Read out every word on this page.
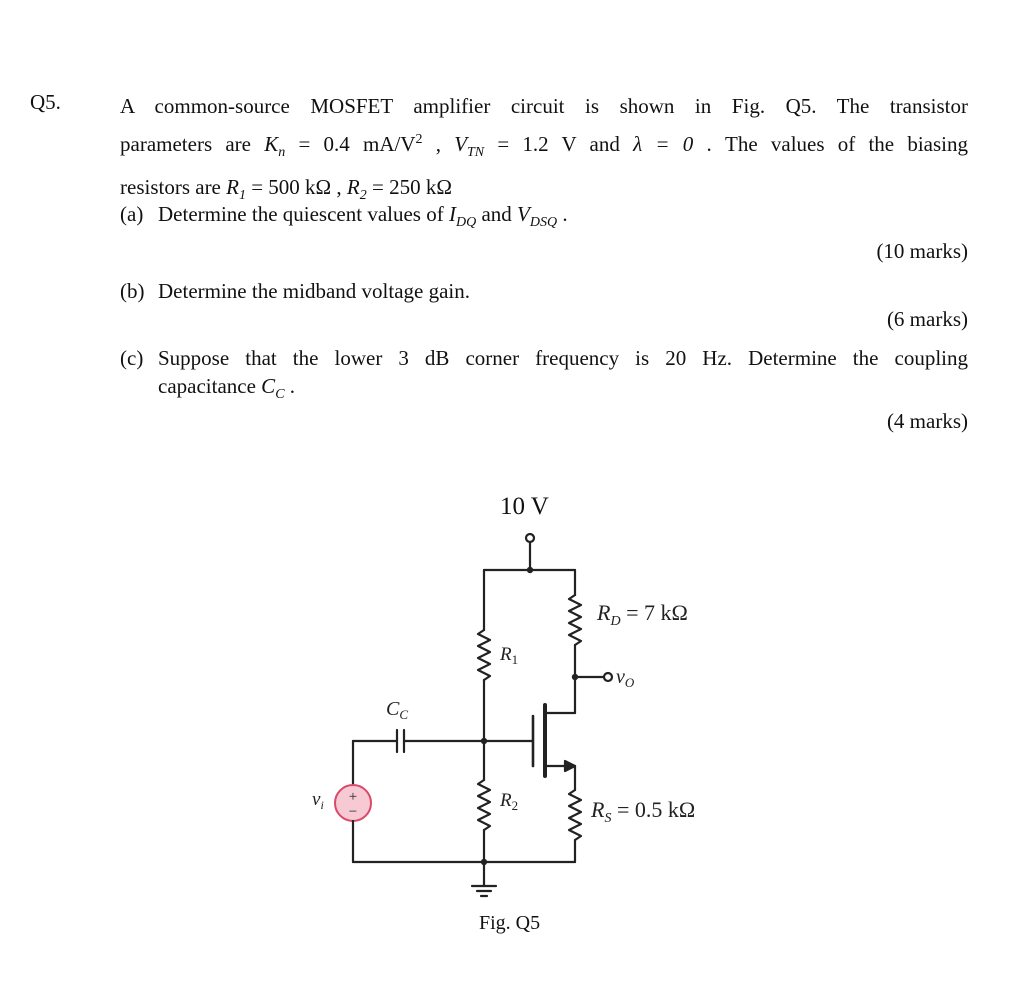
Q5.	A common-source MOSFET amplifier circuit is shown in Fig. Q5. The transistor
parameters are $K_n = 0.4$ $mA/V^2$ , $V_{TN} = 1.2$ V and λ = 0 . The values of the biasing
resistors are $R_1 = 500$ kΩ , $R_2 = 250$ kΩ
(a) Determine the quiescent values of $I_{DQ}$ and $V_{DSQ}$ .
(10 marks)
(b) Determine the midband voltage gain.
(6 marks)
(c) Suppose that the lower 3 dB corner frequency is 20 Hz. Determine the coupling
capacitance $C_C$ .
(4 marks)
10 V
+
−
$R_D = 7$ kΩ
$R_1$
$R_2$	$R_S = 0.5$ kΩ
$C_C$
$v_O$
$v_i$
Fig. Q5
